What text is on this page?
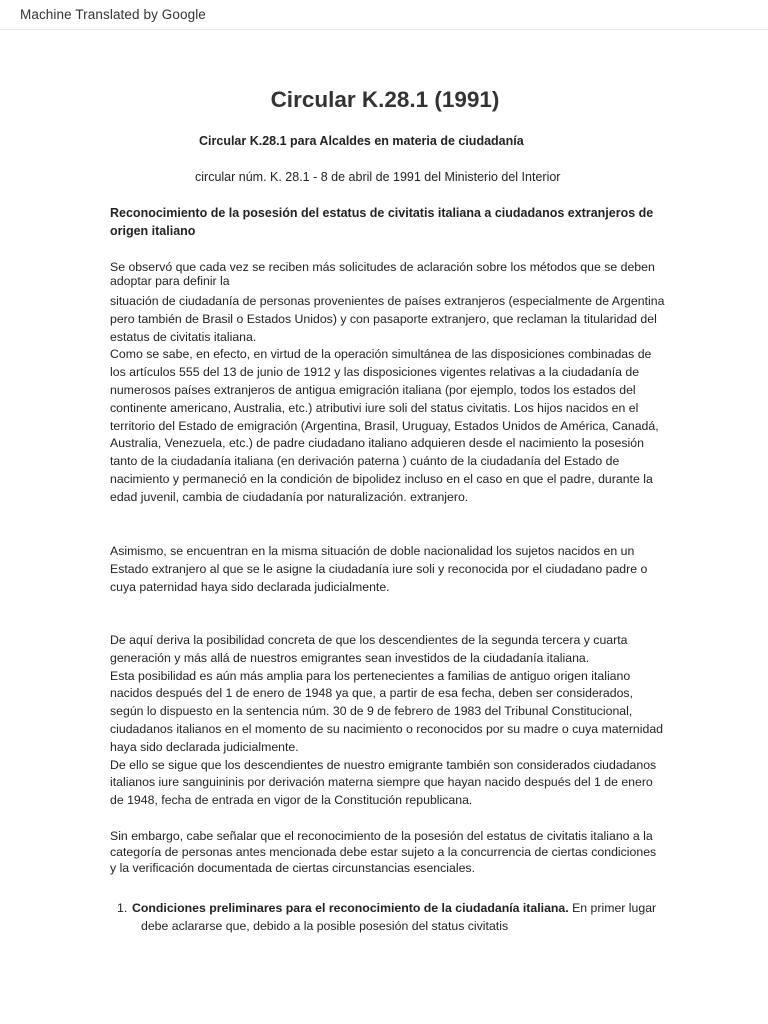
Machine Translated by Google
Circular K.28.1 (1991)
Circular K.28.1 para Alcaldes en materia de ciudadanía
circular núm. K. 28.1 - 8 de abril de 1991 del Ministerio del Interior
Reconocimiento de la posesión del estatus de civitatis italiana a ciudadanos extranjeros de
origen italiano
Se observó que cada vez se reciben más solicitudes de aclaración sobre los métodos que se deben
adoptar para definir la
situación de ciudadanía de personas provenientes de países extranjeros (especialmente de Argentina
pero también de Brasil o Estados Unidos) y con pasaporte extranjero, que reclaman la titularidad del
estatus de civitatis italiana.
Como se sabe, en efecto, en virtud de la operación simultánea de las disposiciones combinadas de
los artículos 555 del 13 de junio de 1912 y las disposiciones vigentes relativas a la ciudadanía de
numerosos países extranjeros de antigua emigración italiana (por ejemplo, todos los estados del
continente americano, Australia, etc.) atributivi iure soli del status civitatis. Los hijos nacidos en el
territorio del Estado de emigración (Argentina, Brasil, Uruguay, Estados Unidos de América, Canadá,
Australia, Venezuela, etc.) de padre ciudadano italiano adquieren desde el nacimiento la posesión
tanto de la ciudadanía italiana (en derivación paterna ) cuánto de la ciudadanía del Estado de
nacimiento y permaneció en la condición de bipolidez incluso en el caso en que el padre, durante la
edad juvenil, cambia de ciudadanía por naturalización. extranjero.
Asimismo, se encuentran en la misma situación de doble nacionalidad los sujetos nacidos en un
Estado extranjero al que se le asigne la ciudadanía iure soli y reconocida por el ciudadano padre o
cuya paternidad haya sido declarada judicialmente.
De aquí deriva la posibilidad concreta de que los descendientes de la segunda tercera y cuarta
generación y más allá de nuestros emigrantes sean investidos de la ciudadanía italiana.
Esta posibilidad es aún más amplia para los pertenecientes a familias de antiguo origen italiano
nacidos después del 1 de enero de 1948 ya que, a partir de esa fecha, deben ser considerados,
según lo dispuesto en la sentencia núm. 30 de 9 de febrero de 1983 del Tribunal Constitucional,
ciudadanos italianos en el momento de su nacimiento o reconocidos por su madre o cuya maternidad
haya sido declarada judicialmente.
De ello se sigue que los descendientes de nuestro emigrante también son considerados ciudadanos
italianos iure sanguininis por derivación materna siempre que hayan nacido después del 1 de enero
de 1948, fecha de entrada en vigor de la Constitución republicana.
Sin embargo, cabe señalar que el reconocimiento de la posesión del estatus de civitatis italiano a la
categoría de personas antes mencionada debe estar sujeto a la concurrencia de ciertas condiciones
y la verificación documentada de ciertas circunstancias esenciales.
1. Condiciones preliminares para el reconocimiento de la ciudadanía italiana. En primer lugar
debe aclararse que, debido a la posible posesión del status civitatis
